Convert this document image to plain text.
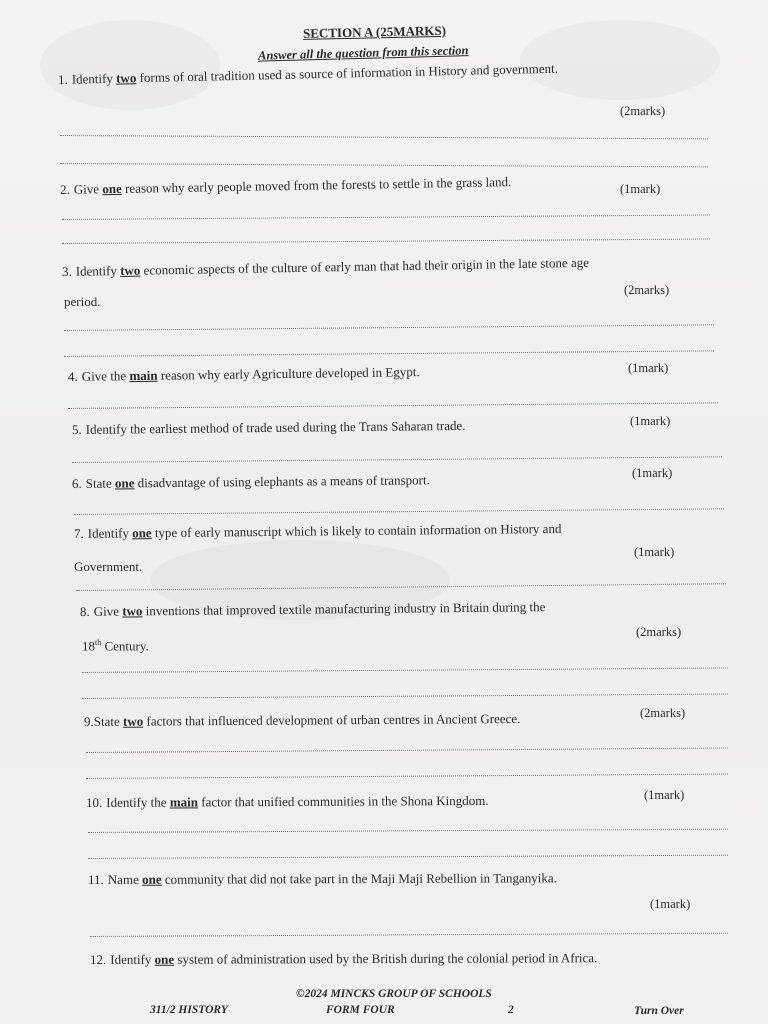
SECTION A (25MARKS)
Answer all the question from this section
1. Identify two forms of oral tradition used as source of information in History and government.
(2marks)
2. Give one reason why early people moved from the forests to settle in the grass land.	(1mark)
3. Identify two economic aspects of the culture of early man that had their origin in the late stone age
period.
(2marks)
4. Give the main reason why early Agriculture developed in Egypt.	(1mark)
5. Identify the earliest method of trade used during the Trans Saharan trade.	(1mark)
6. State one disadvantage of using elephants as a means of transport.	(1mark)
7. Identify one type of early manuscript which is likely to contain information on History and
Government.
(1mark)
8. Give two inventions that improved textile manufacturing industry in Britain during the
18th Century.
(2marks)
9.State two factors that influenced development of urban centres in Ancient Greece.	(2marks)
10. Identify the main factor that unified communities in the Shona Kingdom.	(1mark)
11. Name one community that did not take part in the Maji Maji Rebellion in Tanganyika.
(1mark)
12. Identify one system of administration used by the British during the colonial period in Africa.
©2024 MINCKS GROUP OF SCHOOLS
311/2 HISTORY	FORM FOUR	2	Turn Over
